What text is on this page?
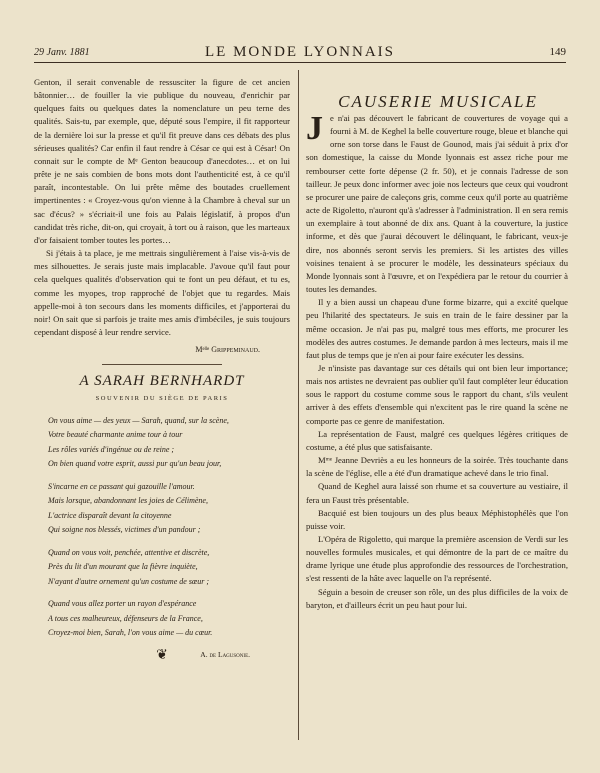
29 Janv. 1881	LE MONDE LYONNAIS	149

Genton, il serait convenable de ressusciter la figure de cet ancien bâtonnier… de fouiller la vie publique du nouveau, d'enrichir par quelques faits ou quelques dates la nomenclature un peu terne des qualités. Sais-tu, par exemple, que, député sous l'empire, il fit rapporteur de la dernière loi sur la presse et qu'il fit preuve dans ces débats des plus sérieuses qualités? Car enfin il faut rendre à César ce qui est à César! On connait sur le compte de Mᵉ Genton beaucoup d'anecdotes… et on lui prête je ne sais combien de bons mots dont l'authenticité est, à ce qu'il paraît, incontestable. On lui prête même des boutades cruellement impertinentes : « Croyez-vous qu'on vienne à la Chambre à cheval sur un sac d'écus? » s'écriait-il une fois au Palais législatif, à propos d'un candidat très riche, dit-on, qui croyait, à tort ou à raison, que les marteaux d'or faisaient tomber toutes les portes…

Si j'étais à ta place, je me mettrais singulièrement à l'aise vis-à-vis de mes silhouettes. Je serais juste mais implacable. J'avoue qu'il faut pour cela quelques qualités d'observation qui te font un peu défaut, et tu es, comme les myopes, trop rapproché de l'objet que tu regardes. Mais appelle-moi à ton secours dans les moments difficiles, et j'apporterai du noir! On sait que si parfois je traite mes amis d'imbéciles, je suis toujours cependant disposé à leur rendre service.

Mᵉˡˡᵉ Grippeminaud.

A SARAH BERNHARDT

SOUVENIR DU SIÈGE DE PARIS

On vous aime — des yeux — Sarah, quand, sur la scène,
Votre beauté charmante anime tour à tour
Les rôles variés d'ingénue ou de reine ;
On bien quand votre esprit, aussi pur qu'un beau jour,
S'incarne en ce passant qui gazouille l'amour.
Mais lorsque, abandonnant les joies de Célimène,
L'actrice disparaît devant la citoyenne
Qui soigne nos blessés, victimes d'un pandour ;
Quand on vous voit, penchée, attentive et discrète,
Près du lit d'un mourant que la fièvre inquiète,
N'ayant d'autre ornement qu'un costume de sœur ;
Quand vous allez porter un rayon d'espérance
A tous ces malheureux, défenseurs de la France,
Croyez-moi bien, Sarah, l'on vous aime — du cœur.
❦	A. de Lagusonie.

CAUSERIE MUSICALE

Je n'ai pas découvert le fabricant de couvertures de voyage qui a fourni à M. de Keghel la belle couverture rouge, bleue et blanche qui orne son torse dans le Faust de Gounod, mais j'ai séduit à prix d'or son domestique, la caisse du Monde lyonnais est assez riche pour me rembourser cette forte dépense (2 fr. 50), et je connais l'adresse de son tailleur. Je peux donc informer avec joie nos lecteurs que ceux qui voudront se procurer une paire de caleçons gris, comme ceux qu'il porte au quatrième acte de Rigoletto, n'auront qu'à s'adresser à l'administration. Il en sera remis un exemplaire à tout abonné de dix ans. Quant à la couverture, la justice informe, et dès que j'aurai découvert le délinquant, le fabricant, veux-je dire, nos abonnés seront servis les premiers. Si les artistes des villes voisines tenaient à se procurer le modèle, les dessinateurs spéciaux du Monde lyonnais sont à l'œuvre, et on l'expédiera par le retour du courrier à toutes les demandes.

Il y a bien aussi un chapeau d'une forme bizarre, qui a excité quelque peu l'hilarité des spectateurs. Je suis en train de le faire dessiner par la même occasion. Je n'ai pas pu, malgré tous mes efforts, me procurer les modèles des autres costumes. Je demande pardon à mes lecteurs, mais il me faut plus de temps que je n'en ai pour faire exécuter les dessins.

Je n'insiste pas davantage sur ces détails qui ont bien leur importance; mais nos artistes ne devraient pas oublier qu'il faut compléter leur éducation sous le rapport du costume comme sous le rapport du chant, s'ils veulent arriver à des effets d'ensemble qui n'excitent pas le rire quand la scène ne comporte pas ce genre de manifestation.

La représentation de Faust, malgré ces quelques légères critiques de costume, a été plus que satisfaisante.

Mᵐᵉ Jeanne Devriès a eu les honneurs de la soirée. Très touchante dans la scène de l'église, elle a été d'un dramatique achevé dans le trio final.

Quand de Keghel aura laissé son rhume et sa couverture au vestiaire, il fera un Faust très présentable.

Bacquié est bien toujours un des plus beaux Méphistophélès que l'on puisse voir.

L'Opéra de Rigoletto, qui marque la première ascension de Verdi sur les nouvelles formules musicales, et qui démontre de la part de ce maître du drame lyrique une étude plus approfondie des ressources de l'orchestration, s'est ressenti de la hâte avec laquelle on l'a représenté.

Séguin a besoin de creuser son rôle, un des plus difficiles de la voix de baryton, et d'ailleurs écrit un peu haut pour lui.
